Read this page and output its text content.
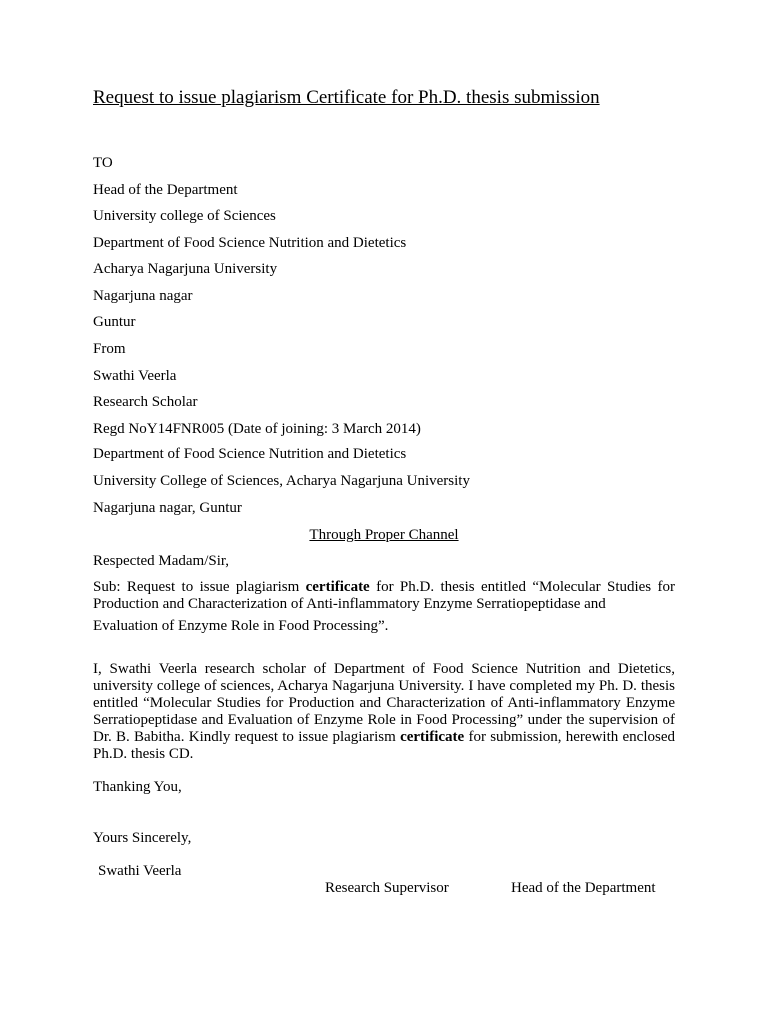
Request to issue plagiarism Certificate for Ph.D. thesis submission
TO
Head of the Department
University college of Sciences
Department of Food Science Nutrition and Dietetics
Acharya Nagarjuna University
Nagarjuna nagar
Guntur
From
Swathi Veerla
Research Scholar
Regd NoY14FNR005 (Date of joining: 3 March 2014)
Department of Food Science Nutrition and Dietetics
University College of Sciences, Acharya Nagarjuna University
Nagarjuna nagar, Guntur
Through Proper Channel
Respected Madam/Sir,
Sub: Request to issue plagiarism certificate for Ph.D. thesis entitled “Molecular Studies for Production and Characterization of Anti-inflammatory Enzyme Serratiopeptidase and
Evaluation of Enzyme Role in Food Processing”.
I, Swathi Veerla research scholar of Department of Food Science Nutrition and Dietetics, university college of sciences, Acharya Nagarjuna University. I have completed my Ph. D. thesis entitled “Molecular Studies for Production and Characterization of Anti-inflammatory Enzyme Serratiopeptidase and Evaluation of Enzyme Role in Food Processing” under the supervision of Dr. B. Babitha. Kindly request to issue plagiarism certificate for submission, herewith enclosed Ph.D. thesis CD.
Thanking You,
Yours Sincerely,
Swathi Veerla
Research Supervisor	Head of the Department
